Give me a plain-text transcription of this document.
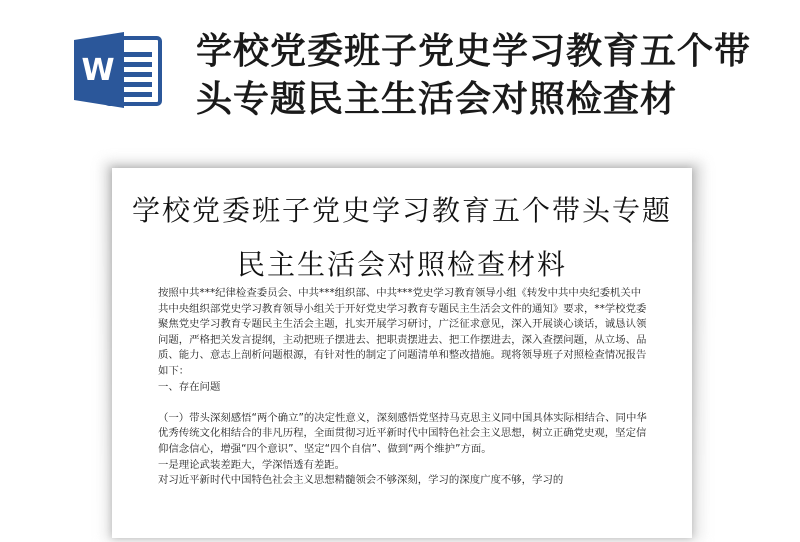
W 学校党委班子党史学习教育五个带头专题民主生活会对照检查材
学校党委班子党史学习教育五个带头专题民主生活会对照检查材料

按照中共***纪律检查委员会、中共***组织部、中共***党史学习教育领导小组《转发中共中央纪委机关中共中央组织部党史学习教育领导小组关于开好党史学习教育专题民主生活会文件的通知》要求，**学校党委聚焦党史学习教育专题民主生活会主题，扎实开展学习研讨，广泛征求意见，深入开展谈心谈话，诚恳认领问题，严格把关发言提纲，主动把班子摆进去、把职责摆进去、把工作摆进去，深入查摆问题，从立场、品质、能力、意志上剖析问题根源，有针对性的制定了问题清单和整改措施。现将领导班子对照检查情况报告如下：

一、存在问题

（一）带头深刻感悟“两个确立”的决定性意义，深刻感悟党坚持马克思主义同中国具体实际相结合、同中华优秀传统文化相结合的非凡历程，全面贯彻习近平新时代中国特色社会主义思想，树立正确党史观，坚定信仰信念信心，增强“四个意识”、坚定“四个自信”、做到“两个维护”方面。

一是理论武装差距大，学深悟透有差距。

对习近平新时代中国特色社会主义思想精髓领会不够深刻，学习的深度广度不够，学习的
